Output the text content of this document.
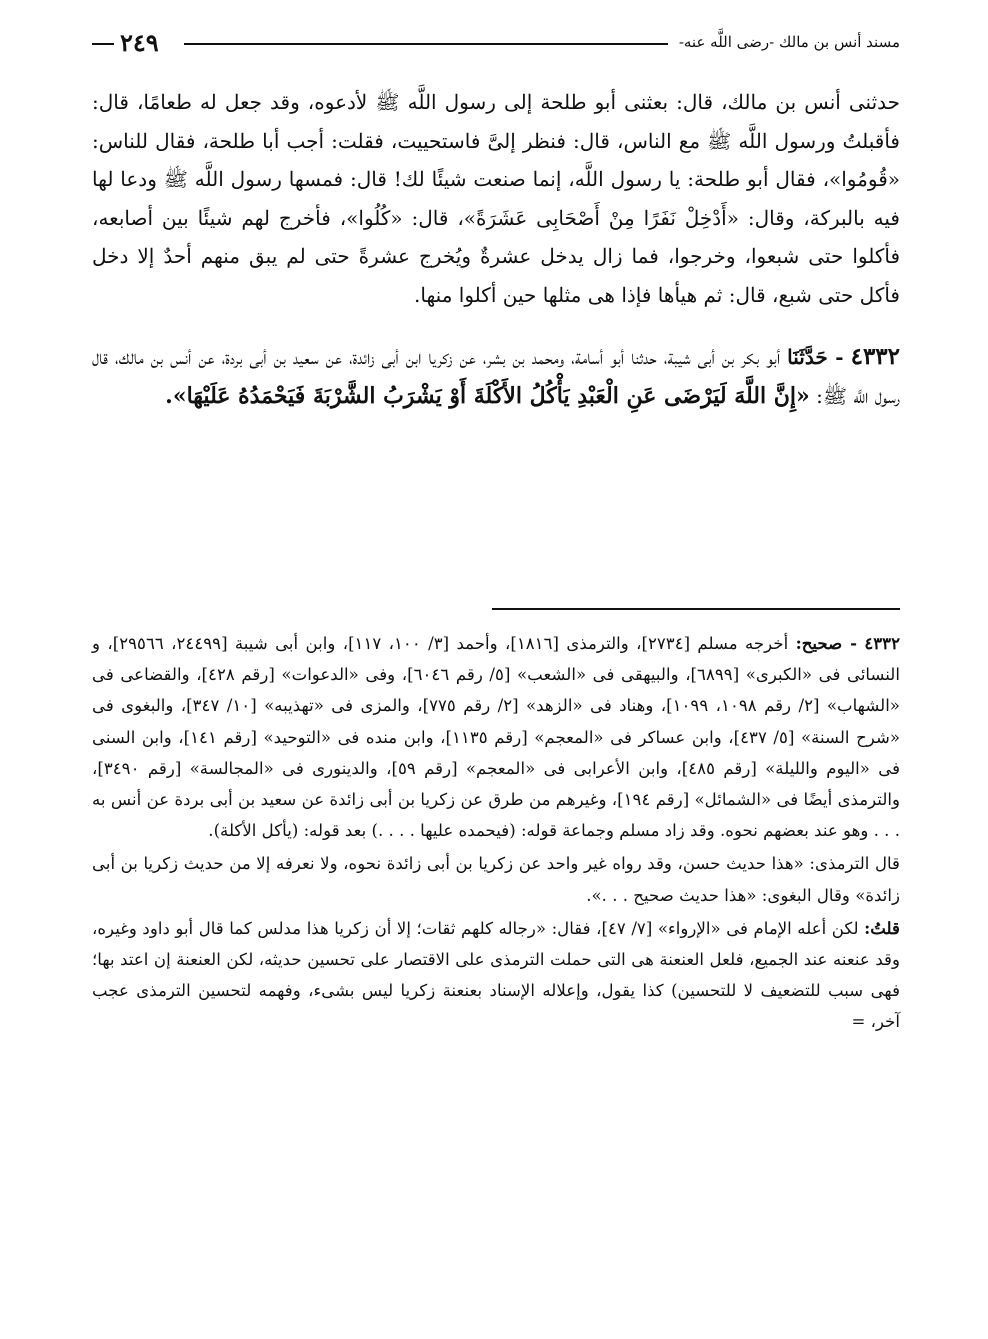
مسند أنس بن مالك -رضى اللَّه عنه-
٢٤٩

حدثنى أنس بن مالك، قال: بعثنى أبو طلحة إلى رسول اللَّه ﷺ لأدعوه، وقد جعل له طعامًا، قال: فأقبلتُ ورسول اللَّه ﷺ مع الناس، قال: فنظر إلىَّ فاستحييت، فقلت: أجب أبا طلحة، فقال للناس: «قُومُوا»، فقال أبو طلحة: يا رسول اللَّه، إنما صنعت شيئًا لك! قال: فمسها رسول اللَّه ﷺ ودعا لها فيه بالبركة، وقال: «أَدْخِلْ نَفَرًا مِنْ أَصْحَابِى عَشَرَةً»، قال: «كُلُوا»، فأخرج لهم شيئًا بين أصابعه، فأكلوا حتى شبعوا، وخرجوا، فما زال يدخل عشرةٌ ويُخرج عشرةً حتى لم يبق منهم أحدٌ إلا دخل فأكل حتى شبع، قال: ثم هيأها فإذا هى مثلها حين أكلوا منها.

٤٣٣٢ - حَدَّثَنَا أبو بكر بن أبى شيبة، حدثنا أبو أسامة، ومحمد بن بشر، عن زكريا ابن أبى زائدة، عن سعيد بن أبى بردة، عن أنس بن مالك، قال رسول اللَّه ﷺ: «إِنَّ اللَّهَ لَيَرْضَى عَنِ الْعَبْدِ يَأْكُلُ الأَكْلَةَ أَوْ يَشْرَبُ الشَّرْبَةَ فَيَحْمَدُهُ عَلَيْهَا».

٤٣٣٢ - صحيح: أخرجه مسلم [٢٧٣٤]، والترمذى [١٨١٦]، وأحمد [٣/ ١٠٠، ١١٧]، وابن أبى شيبة [٢٤٤٩٩، ٢٩٥٦٦]، و النسائى فى «الكبرى» [٦٨٩٩]، والبيهقى فى «الشعب» [٥/ رقم ٦٠٤٦]، وفى «الدعوات» [رقم ٤٢٨]، والقضاعى فى «الشهاب» [٢/ رقم ١٠٩٨، ١٠٩٩]، وهناد فى «الزهد» [٢/ رقم ٧٧٥]، والمزى فى «تهذيبه» [١٠/ ٣٤٧]، والبغوى فى «شرح السنة» [٥/ ٤٣٧]، وابن عساكر فى «المعجم» [رقم ١١٣٥]، وابن منده فى «التوحيد» [رقم ١٤١]، وابن السنى فى «اليوم والليلة» [رقم ٤٨٥]، وابن الأعرابى فى «المعجم» [رقم ٥٩]، والدينورى فى «المجالسة» [رقم ٣٤٩٠]، والترمذى أيضًا فى «الشمائل» [رقم ١٩٤]، وغيرهم من طرق عن زكريا بن أبى زائدة عن سعيد بن أبى بردة عن أنس به . . . وهو عند بعضهم نحوه. وقد زاد مسلم وجماعة قوله: (فيحمده عليها . . . .) بعد قوله: (يأكل الأكلة).

قال الترمذى: «هذا حديث حسن، وقد رواه غير واحد عن زكريا بن أبى زائدة نحوه، ولا نعرفه إلا من حديث زكريا بن أبى زائدة» وقال البغوى: «هذا حديث صحيح . . .».

قلتُ: لكن أعله الإمام فى «الإرواء» [٧/ ٤٧]، فقال: «رجاله كلهم ثقات؛ إلا أن زكريا هذا مدلس كما قال أبو داود وغيره، وقد عنعنه عند الجميع، فلعل العنعنة هى التى حملت الترمذى على الاقتصار على تحسين حديثه، لكن العنعنة إن اعتد بها؛ فهى سبب للتضعيف لا للتحسين) كذا يقول، وإعلاله الإسناد بعنعنة زكريا ليس بشىء، وفهمه لتحسين الترمذى عجب آخر، =
